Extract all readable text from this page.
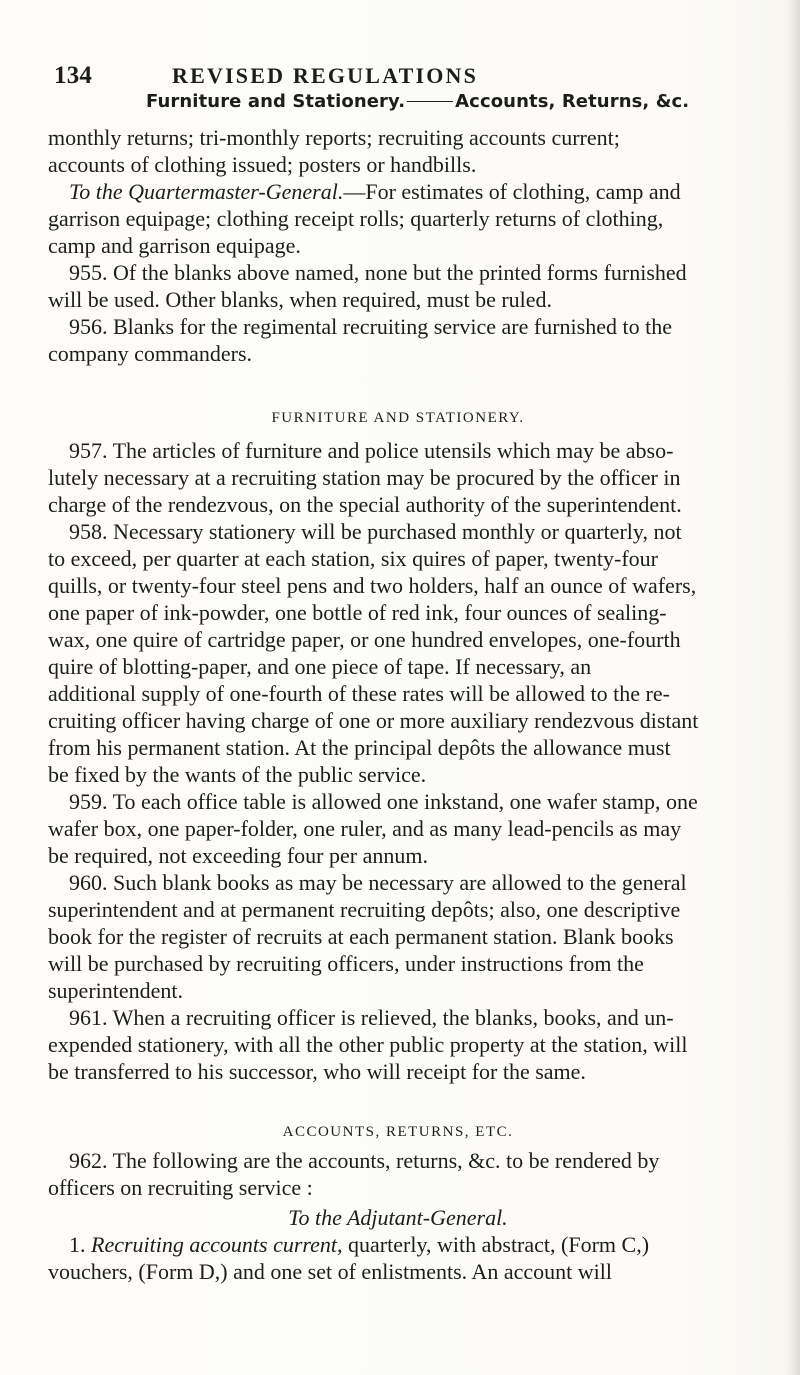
134	REVISED REGULATIONS
Furniture and Stationery.	Accounts, Returns, &c.
monthly returns; tri-monthly reports; recruiting accounts current;
accounts of clothing issued; posters or handbills.
To the Quartermaster-General.—For estimates of clothing, camp and
garrison equipage; clothing receipt rolls; quarterly returns of clothing,
camp and garrison equipage.
955. Of the blanks above named, none but the printed forms furnished
will be used. Other blanks, when required, must be ruled.
956. Blanks for the regimental recruiting service are furnished to the
company commanders.
FURNITURE AND STATIONERY.
957. The articles of furniture and police utensils which may be abso-
lutely necessary at a recruiting station may be procured by the officer in
charge of the rendezvous, on the special authority of the superintendent.
958. Necessary stationery will be purchased monthly or quarterly, not
to exceed, per quarter at each station, six quires of paper, twenty-four
quills, or twenty-four steel pens and two holders, half an ounce of wafers,
one paper of ink-powder, one bottle of red ink, four ounces of sealing-
wax, one quire of cartridge paper, or one hundred envelopes, one-fourth
quire of blotting-paper, and one piece of tape. If necessary, an
additional supply of one-fourth of these rates will be allowed to the re-
cruiting officer having charge of one or more auxiliary rendezvous distant
from his permanent station. At the principal depôts the allowance must
be fixed by the wants of the public service.
959. To each office table is allowed one inkstand, one wafer stamp, one
wafer box, one paper-folder, one ruler, and as many lead-pencils as may
be required, not exceeding four per annum.
960. Such blank books as may be necessary are allowed to the general
superintendent and at permanent recruiting depôts; also, one descriptive
book for the register of recruits at each permanent station. Blank books
will be purchased by recruiting officers, under instructions from the
superintendent.
961. When a recruiting officer is relieved, the blanks, books, and un-
expended stationery, with all the other public property at the station, will
be transferred to his successor, who will receipt for the same.
ACCOUNTS, RETURNS, ETC.
962. The following are the accounts, returns, &c. to be rendered by
officers on recruiting service :
To the Adjutant-General.
1. Recruiting accounts current, quarterly, with abstract, (Form C,)
vouchers, (Form D,) and one set of enlistments. An account will
